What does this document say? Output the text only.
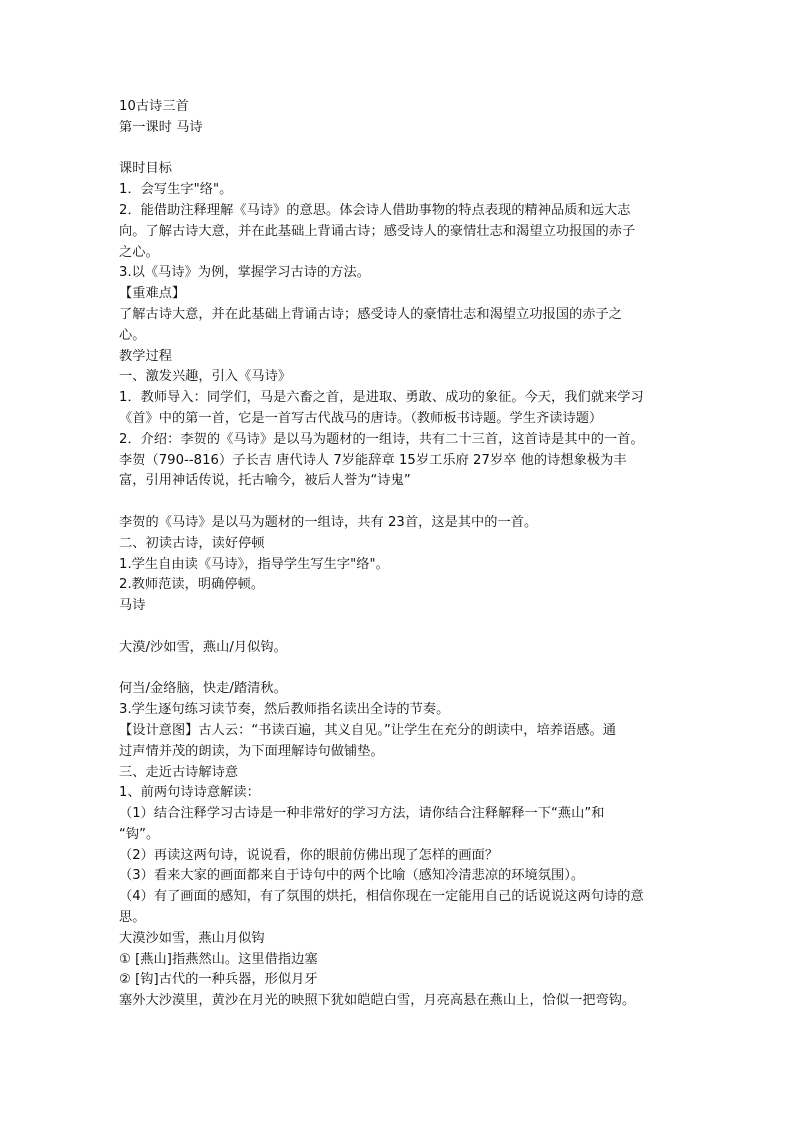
10古诗三首
第一课时 马诗
课时目标
1．会写生字"络"。
2．能借助注释理解《马诗》的意思。体会诗人借助事物的特点表现的精神品质和远大志
向。了解古诗大意，并在此基础上背诵古诗；感受诗人的豪情壮志和渴望立功报国的赤子
之心。
3.以《马诗》为例，掌握学习古诗的方法。
【重难点】
了解古诗大意，并在此基础上背诵古诗；感受诗人的豪情壮志和渴望立功报国的赤子之
心。
教学过程
一、激发兴趣，引入《马诗》
1．教师导入：同学们，马是六畜之首，是进取、勇敢、成功的象征。今天，我们就来学习
《首》中的第一首，它是一首写古代战马的唐诗。（教师板书诗题。学生齐读诗题）
2．介绍：李贺的《马诗》是以马为题材的一组诗，共有二十三首，这首诗是其中的一首。
李贺（790--816）子长吉 唐代诗人 7岁能辞章 15岁工乐府 27岁卒 他的诗想象极为丰
富，引用神话传说，托古喻今，被后人誉为“诗鬼”
李贺的《马诗》是以马为题材的一组诗，共有 23首，这是其中的一首。
二、初读古诗，读好停顿
1.学生自由读《马诗》，指导学生写生字"络"。
2.教师范读，明确停顿。
马诗
大漠/沙如雪，燕山/月似钩。
何当/金络脑，快走/踏清秋。
3.学生逐句练习读节奏，然后教师指名读出全诗的节奏。
【设计意图】古人云：“书读百遍，其义自见。”让学生在充分的朗读中，培养语感。通
过声情并茂的朗读，为下面理解诗句做铺垫。
三、走近古诗解诗意
1、前两句诗诗意解读：
（1）结合注释学习古诗是一种非常好的学习方法，请你结合注释解释一下“燕山”和
“钩”。
（2）再读这两句诗，说说看，你的眼前仿佛出现了怎样的画面？
（3）看来大家的画面都来自于诗句中的两个比喻（感知冷清悲凉的环境氛围）。
（4）有了画面的感知，有了氛围的烘托，相信你现在一定能用自己的话说说这两句诗的意
思。
大漠沙如雪，燕山月似钩
① [燕山]指燕然山。这里借指边塞
② [钩]古代的一种兵器，形似月牙
塞外大沙漠里，黄沙在月光的映照下犹如皑皑白雪，月亮高悬在燕山上，恰似一把弯钩。
